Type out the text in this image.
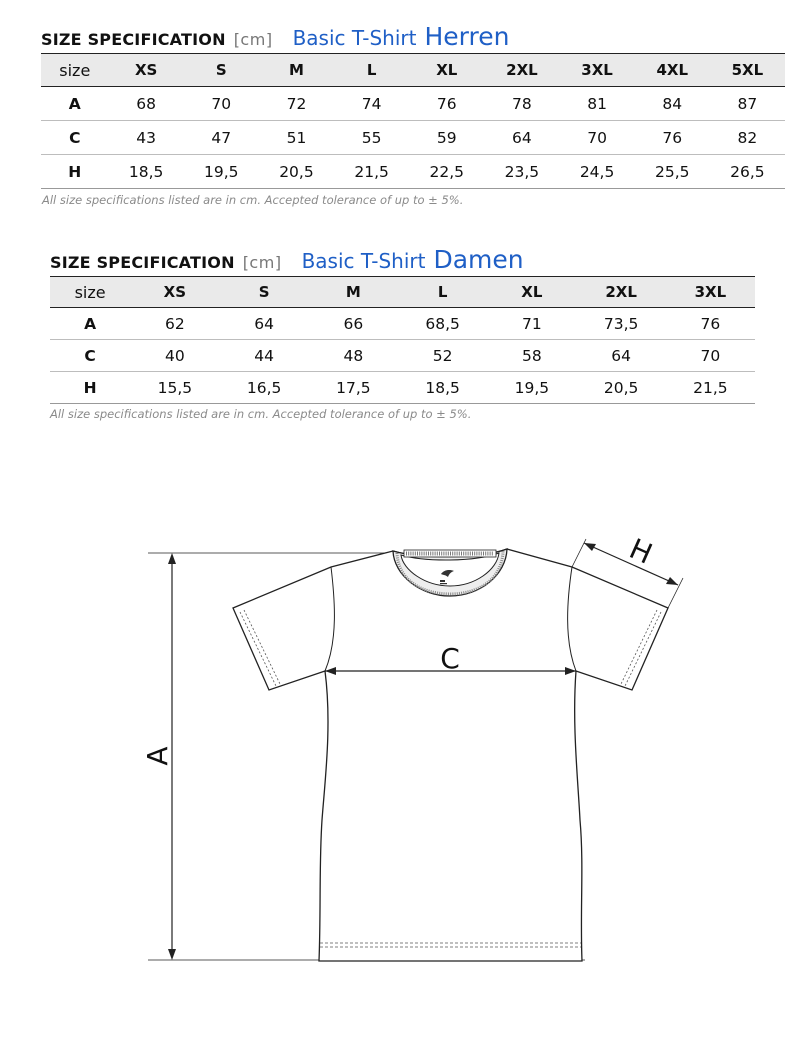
SIZE SPECIFICATION [cm] Basic T-Shirt Herren
size	XS	S	M	L	XL	2XL	3XL	4XL	5XL
A	68	70	72	74	76	78	81	84	87
C	43	47	51	55	59	64	70	76	82
H	18,5	19,5	20,5	21,5	22,5	23,5	24,5	25,5	26,5
All size specifications listed are in cm. Accepted tolerance of up to ± 5%.
SIZE SPECIFICATION [cm] Basic T-Shirt Damen
size	XS	S	M	L	XL	2XL	3XL
A	62	64	66	68,5	71	73,5	76
C	40	44	48	52	58	64	70
H	15,5	16,5	17,5	18,5	19,5	20,5	21,5
All size specifications listed are in cm. Accepted tolerance of up to ± 5%.
A
C
H
